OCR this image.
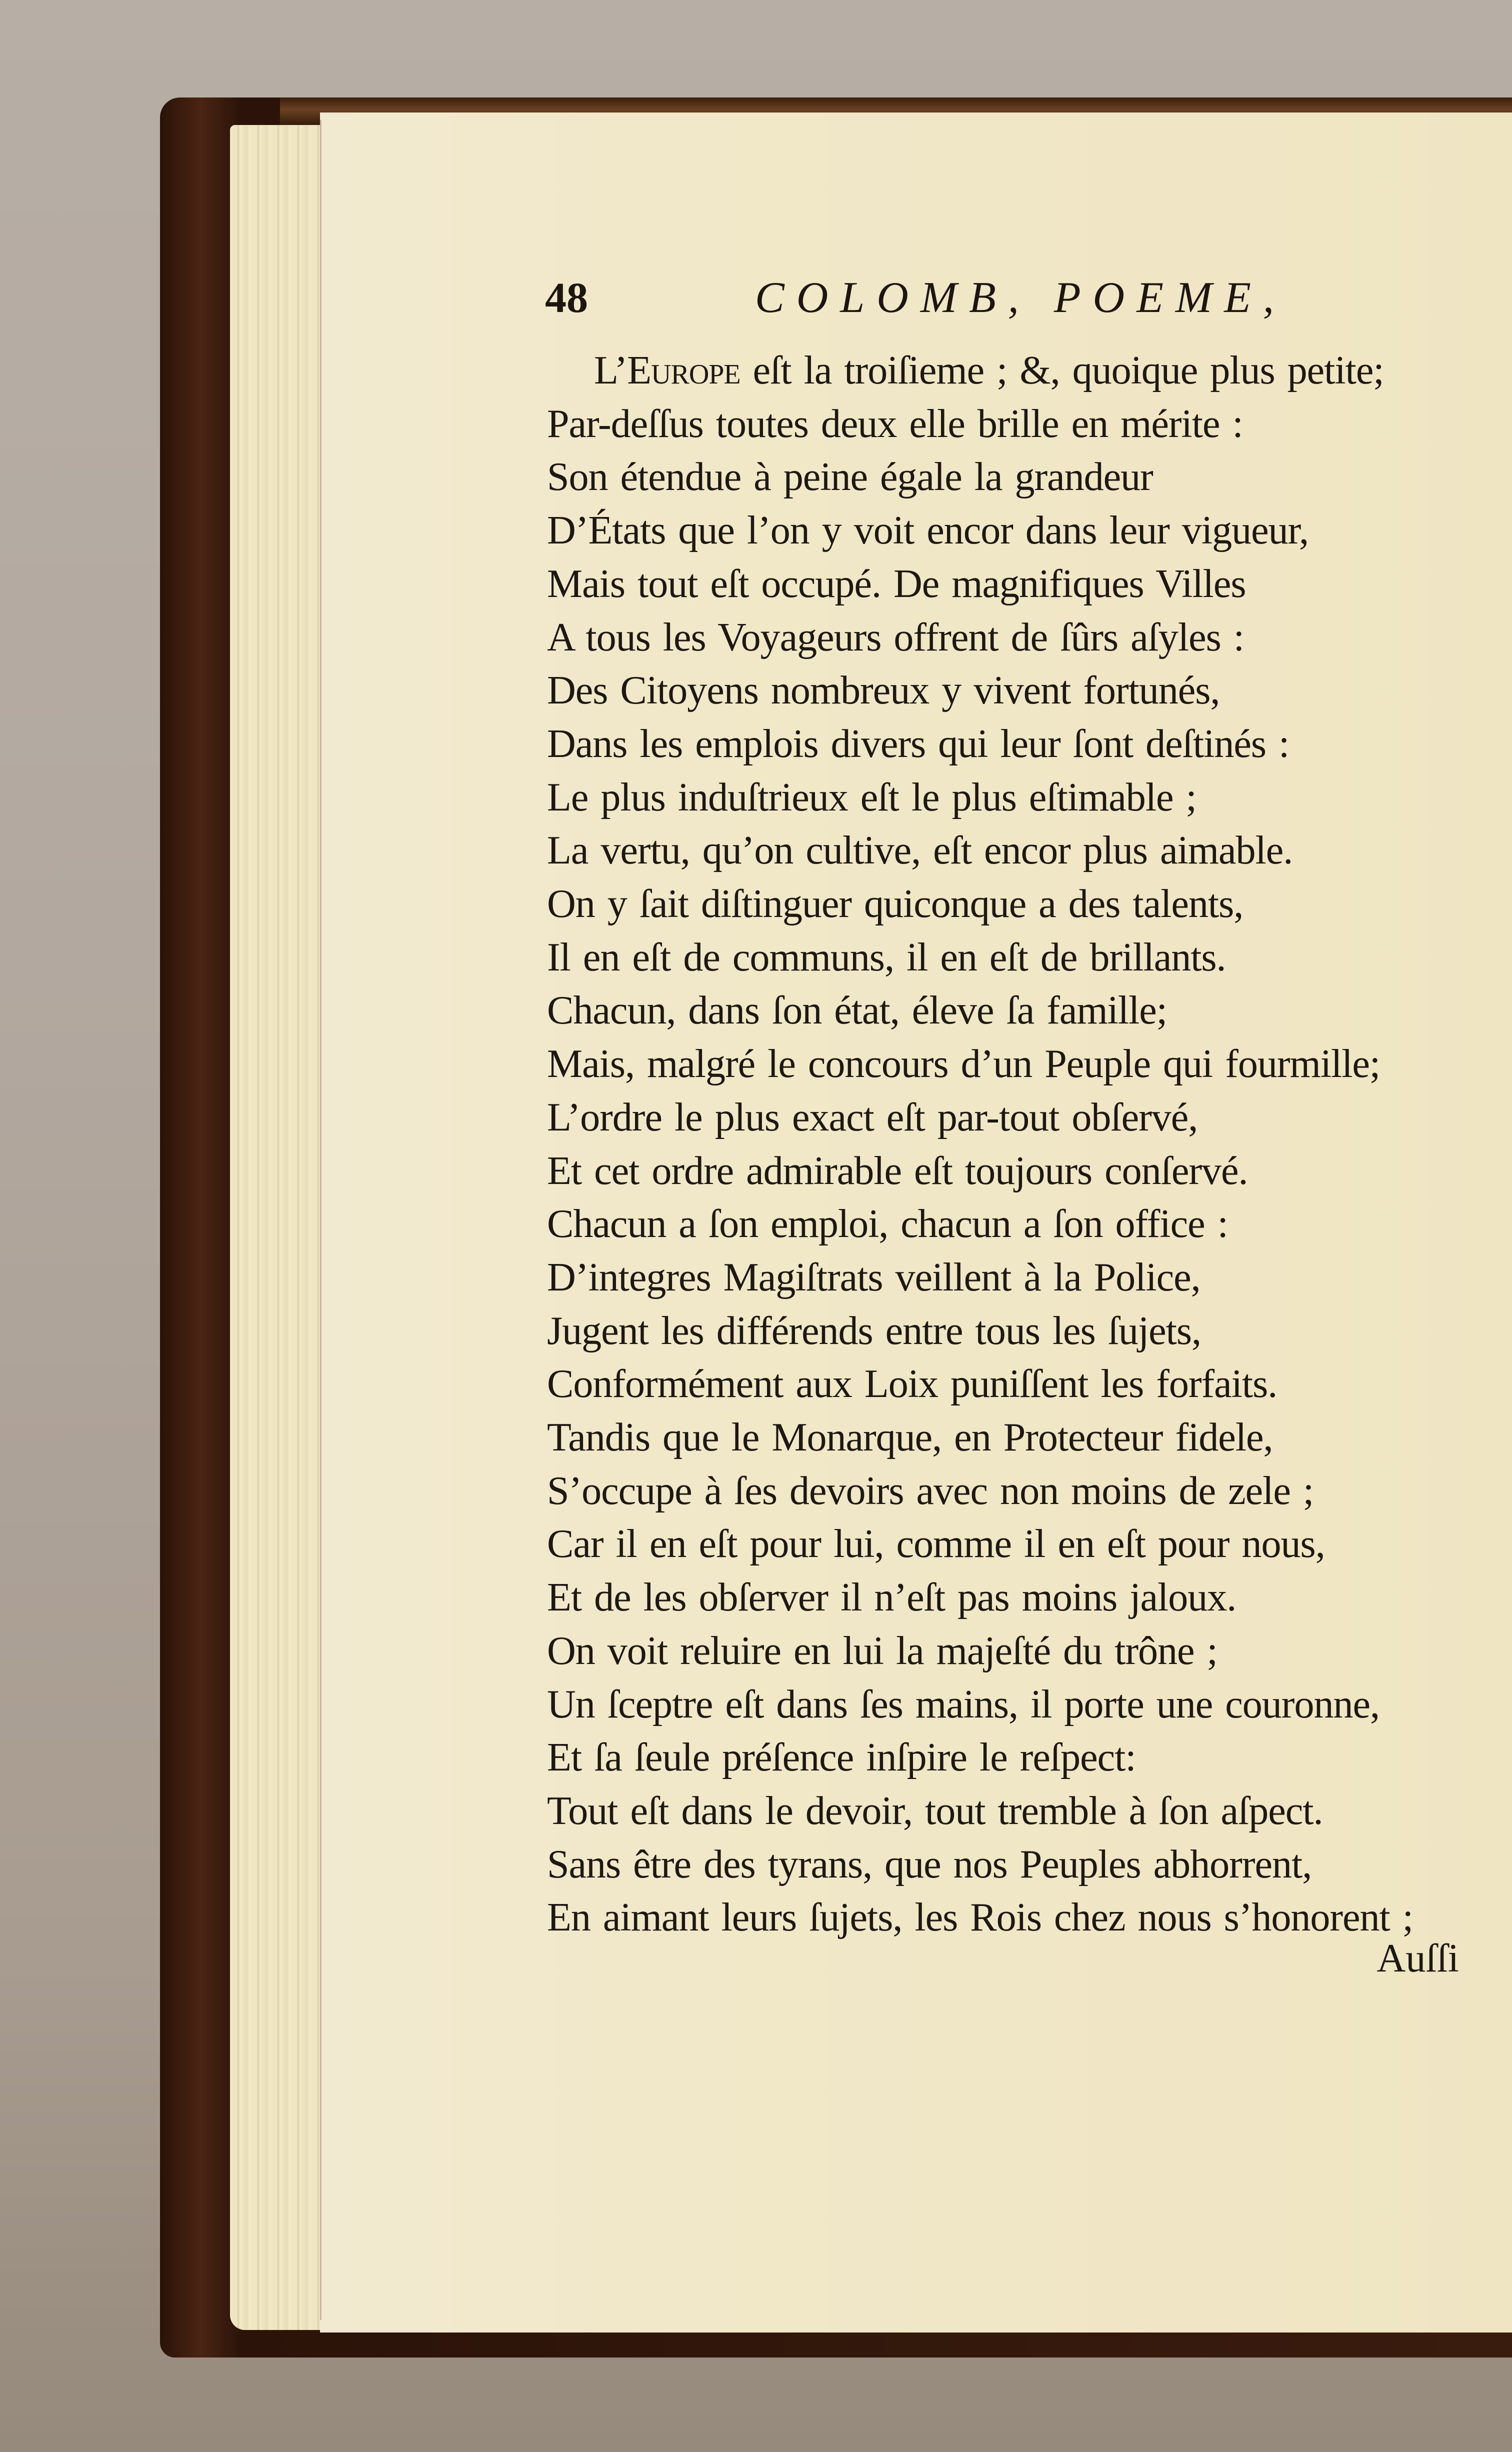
48	COLOMB, POEME,
L’Europe eſt la troiſieme ; &, quoique plus petite;
Par-deſſus toutes deux elle brille en mérite :
Son étendue à peine égale la grandeur
D’États que l’on y voit encor dans leur vigueur,
Mais tout eſt occupé. De magnifiques Villes
A tous les Voyageurs offrent de ſûrs aſyles :
Des Citoyens nombreux y vivent fortunés,
Dans les emplois divers qui leur ſont deſtinés :
Le plus induſtrieux eſt le plus eſtimable ;
La vertu, qu’on cultive, eſt encor plus aimable.
On y ſait diſtinguer quiconque a des talents,
Il en eſt de communs, il en eſt de brillants.
Chacun, dans ſon état, éleve ſa famille;
Mais, malgré le concours d’un Peuple qui fourmille;
L’ordre le plus exact eſt par-tout obſervé,
Et cet ordre admirable eſt toujours conſervé.
Chacun a ſon emploi, chacun a ſon office :
D’integres Magiſtrats veillent à la Police,
Jugent les différends entre tous les ſujets,
Conformément aux Loix puniſſent les forfaits.
Tandis que le Monarque, en Protecteur fidele,
S’occupe à ſes devoirs avec non moins de zele ;
Car il en eſt pour lui, comme il en eſt pour nous,
Et de les obſerver il n’eſt pas moins jaloux.
On voit reluire en lui la majeſté du trône ;
Un ſceptre eſt dans ſes mains, il porte une couronne,
Et ſa ſeule préſence inſpire le reſpect:
Tout eſt dans le devoir, tout tremble à ſon aſpect.
Sans être des tyrans, que nos Peuples abhorrent,
En aimant leurs ſujets, les Rois chez nous s’honorent ;
Auſſi
